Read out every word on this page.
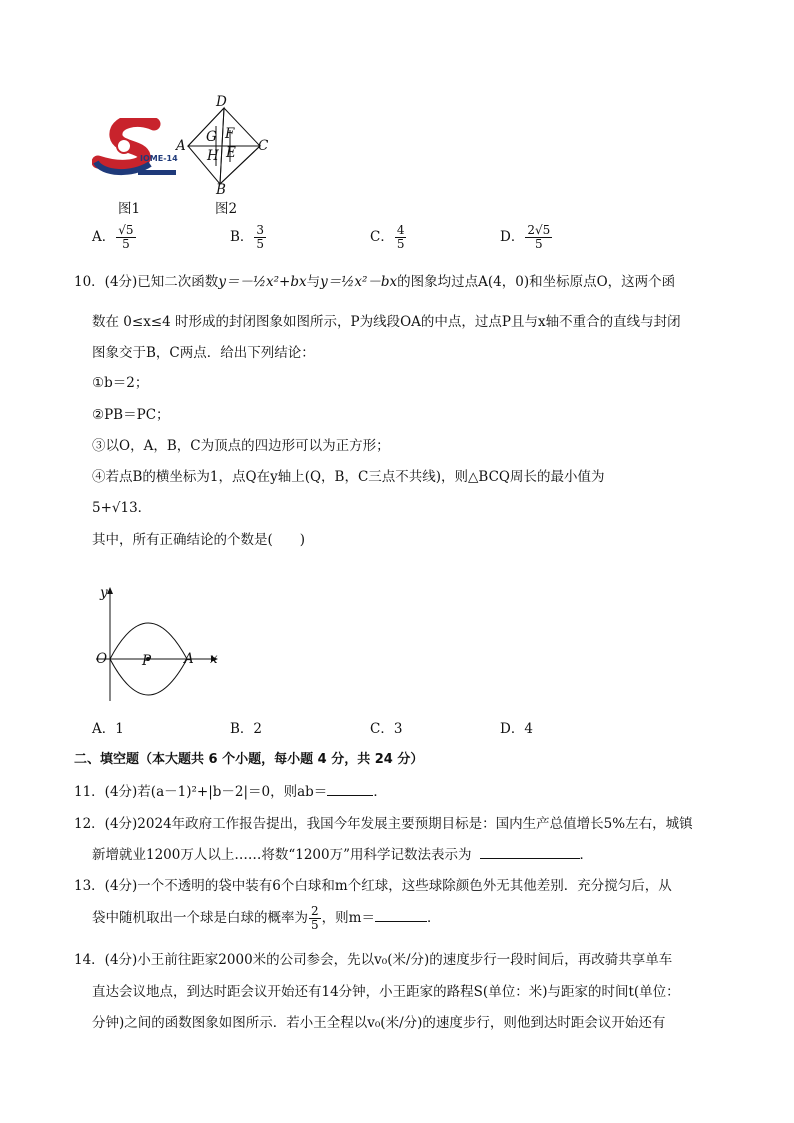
IOME-14
图1
D
A	C
B
G F
H E
图2
A． $\frac{√5}{5}$	B． $\frac{3}{5}$	C． $\frac{4}{5}$	D． $\frac{2√5}{5}$
10．(4分)已知二次函数y＝－½x²+bx与y＝½x²－bx的图象均过点A(4，0)和坐标原点O，这两个函
数在 0≤x≤4 时形成的封闭图象如图所示，P为线段OA的中点，过点P且与x轴不重合的直线与封闭
图象交于B，C两点．给出下列结论：
①b＝2；
②PB＝PC；
③以O，A，B，C为顶点的四边形可以为正方形；
④若点B的横坐标为1，点Q在y轴上(Q，B，C三点不共线)，则△BCQ周长的最小值为
5+√13．
其中，所有正确结论的个数是(　　)
y
x
O	P A
A．1	B．2	C．3	D．4
二、填空题（本大题共 6 个小题，每小题 4 分，共 24 分）
11．(4分)若(a－1)²+|b－2|＝0，则ab＝	．
12．(4分)2024年政府工作报告提出，我国今年发展主要预期目标是：国内生产总值增长5%左右，城镇
新增就业1200万人以上……将数“1200万”用科学记数法表示为	．
13．(4分)一个不透明的袋中装有6个白球和m个红球，这些球除颜色外无其他差别．充分搅匀后，从
袋中随机取出一个球是白球的概率为 $\frac{2}{5}$ ，则m＝	．
14．(4分)小王前往距家2000米的公司参会，先以v₀(米/分)的速度步行一段时间后，再改骑共享单车
直达会议地点，到达时距会议开始还有14分钟，小王距家的路程S(单位：米)与距家的时间t(单位：
分钟)之间的函数图象如图所示．若小王全程以v₀(米/分)的速度步行，则他到达时距会议开始还有
